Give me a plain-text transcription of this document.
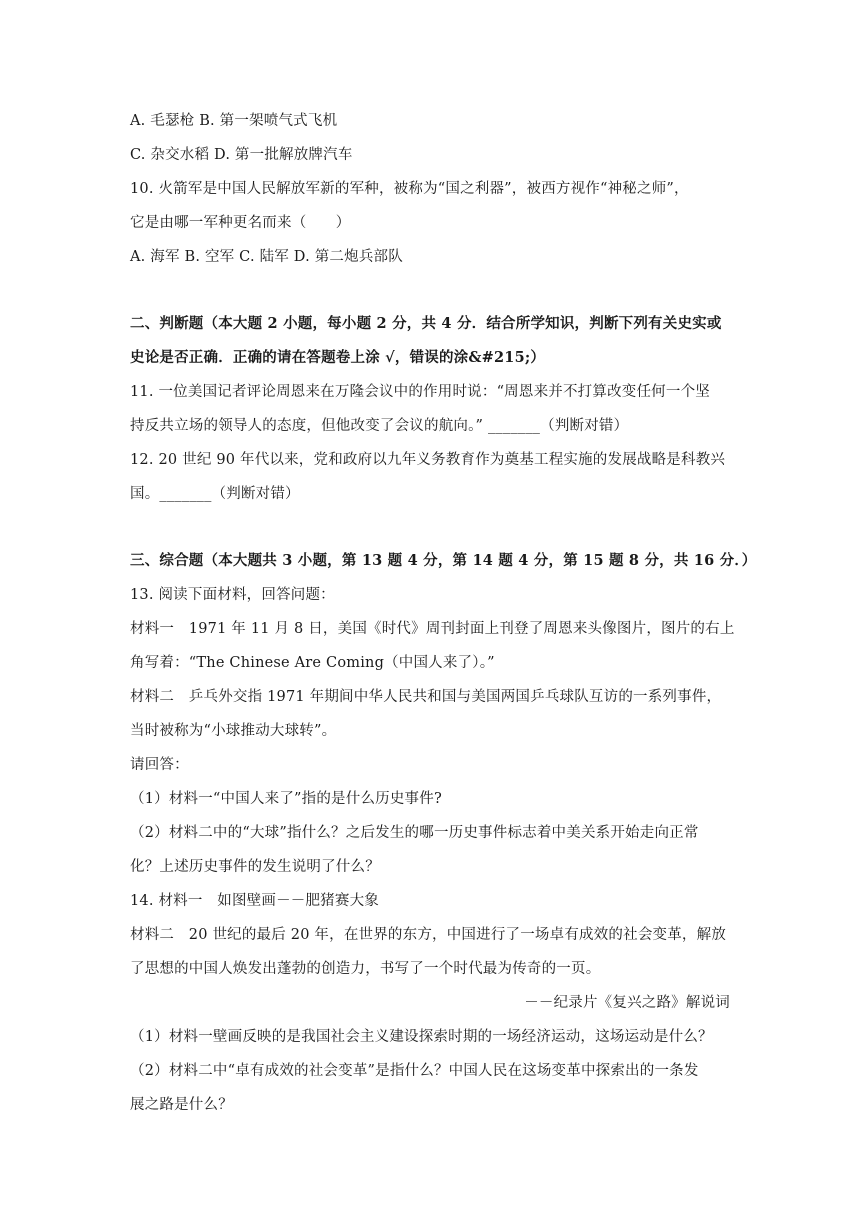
A. 毛瑟枪 B. 第一架喷气式飞机
C. 杂交水稻 D. 第一批解放牌汽车
10. 火箭军是中国人民解放军新的军种，被称为“国之利器”，被西方视作“神秘之师”，
它是由哪一军种更名而来（　　）
A. 海军 B. 空军 C. 陆军 D. 第二炮兵部队
二、判断题（本大题 2 小题，每小题 2 分，共 4 分．结合所学知识，判断下列有关史实或
史论是否正确．正确的请在答题卷上涂 √，错误的涂&#215;）
11. 一位美国记者评论周恩来在万隆会议中的作用时说：“周恩来并不打算改变任何一个坚
持反共立场的领导人的态度，但他改变了会议的航向。” _______（判断对错）
12. 20 世纪 90 年代以来，党和政府以九年义务教育作为奠基工程实施的发展战略是科教兴
国。_______（判断对错）
三、综合题（本大题共 3 小题，第 13 题 4 分，第 14 题 4 分，第 15 题 8 分，共 16 分．）
13. 阅读下面材料，回答问题：
材料一　1971 年 11 月 8 日，美国《时代》周刊封面上刊登了周恩来头像图片，图片的右上
角写着：“The Chinese Are Coming（中国人来了）。”
材料二　乒乓外交指 1971 年期间中华人民共和国与美国两国乒乓球队互访的一系列事件，
当时被称为“小球推动大球转”。
请回答：
（1）材料一“中国人来了”指的是什么历史事件?
（2）材料二中的“大球”指什么？之后发生的哪一历史事件标志着中美关系开始走向正常
化？上述历史事件的发生说明了什么？
14. 材料一　如图壁画－－肥猪赛大象
材料二　20 世纪的最后 20 年，在世界的东方，中国进行了一场卓有成效的社会变革，解放
了思想的中国人焕发出蓬勃的创造力，书写了一个时代最为传奇的一页。
－－纪录片《复兴之路》解说词
（1）材料一壁画反映的是我国社会主义建设探索时期的一场经济运动，这场运动是什么？
（2）材料二中“卓有成效的社会变革”是指什么？中国人民在这场变革中探索出的一条发
展之路是什么？
